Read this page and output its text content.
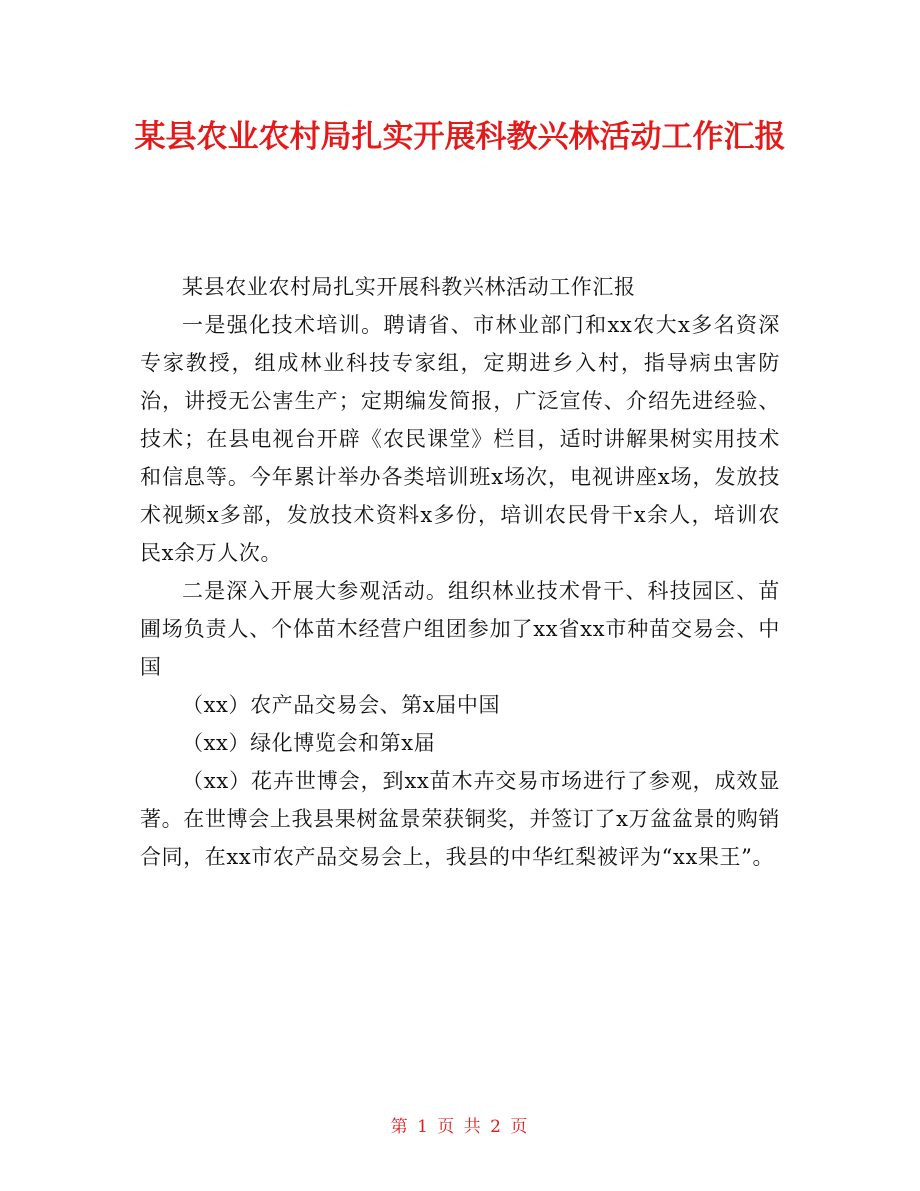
某县农业农村局扎实开展科教兴林活动工作汇报

某县农业农村局扎实开展科教兴林活动工作汇报

一是强化技术培训。聘请省、市林业部门和xx农大x多名资深专家教授，组成林业科技专家组，定期进乡入村，指导病虫害防治，讲授无公害生产；定期编发简报，广泛宣传、介绍先进经验、技术；在县电视台开辟《农民课堂》栏目，适时讲解果树实用技术和信息等。今年累计举办各类培训班x场次，电视讲座x场，发放技术视频x多部，发放技术资料x多份，培训农民骨干x余人，培训农民x余万人次。

二是深入开展大参观活动。组织林业技术骨干、科技园区、苗圃场负责人、个体苗木经营户组团参加了xx省xx市种苗交易会、中国

（xx）农产品交易会、第x届中国

（xx）绿化博览会和第x届

（xx）花卉世博会，到xx苗木卉交易市场进行了参观，成效显著。在世博会上我县果树盆景荣获铜奖，并签订了x万盆盆景的购销合同，在xx市农产品交易会上，我县的中华红梨被评为“xx果王”。

第 1 页 共 2 页
